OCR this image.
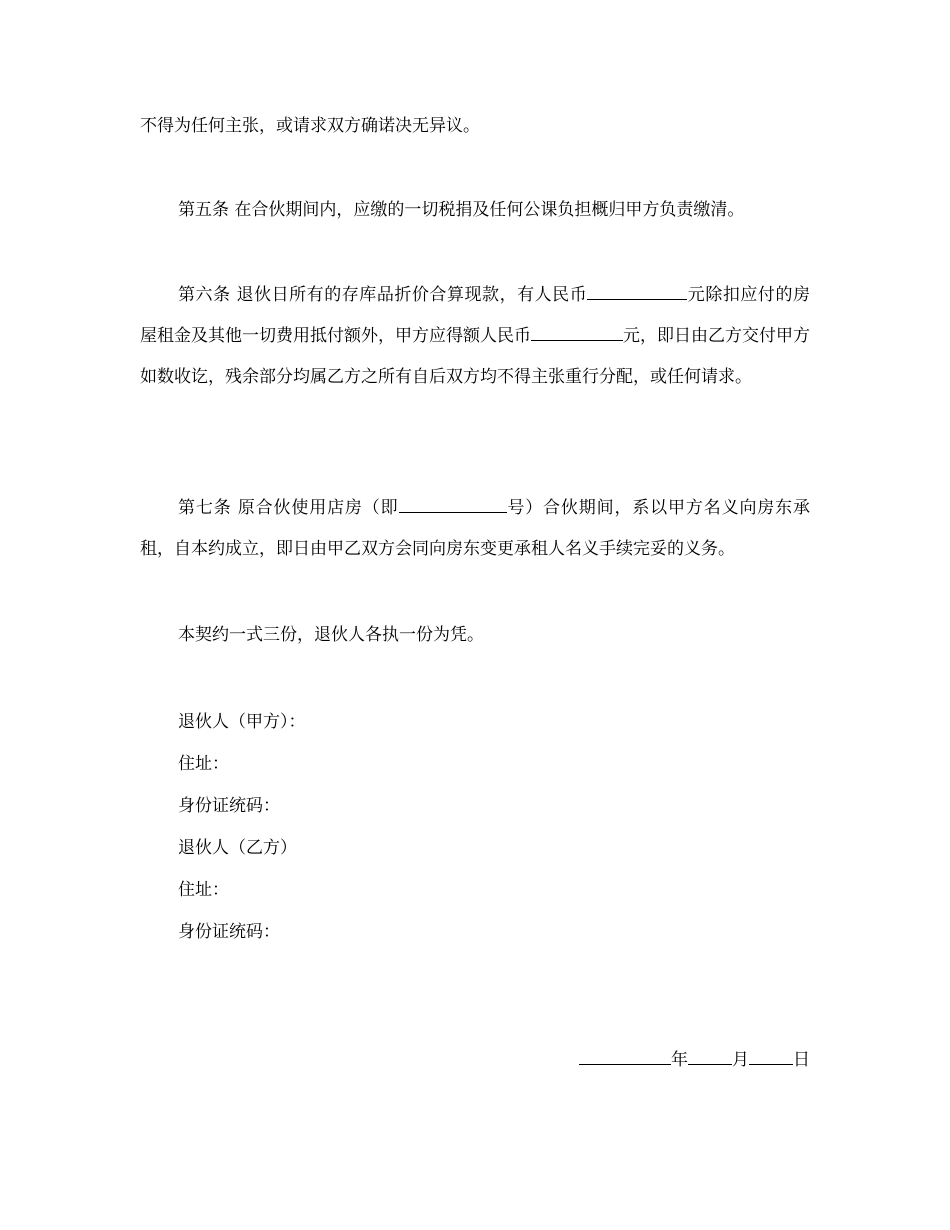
不得为任何主张，或请求双方确诺决无异议。

第五条 在合伙期间内，应缴的一切税捐及任何公课负担概归甲方负责缴清。

第六条 退伙日所有的存库品折价合算现款，有人民币	元除扣应付的房屋租金及其他一切费用抵付额外，甲方应得额人民币	元，即日由乙方交付甲方如数收讫，残余部分均属乙方之所有自后双方均不得主张重行分配，或任何请求。

第七条 原合伙使用店房（即	号）合伙期间，系以甲方名义向房东承租，自本约成立，即日由甲乙双方会同向房东变更承租人名义手续完妥的义务。

本契约一式三份，退伙人各执一份为凭。

退伙人（甲方）：

住址：

身份证统码：

退伙人（乙方）

住址：

身份证统码：

年	月	日
